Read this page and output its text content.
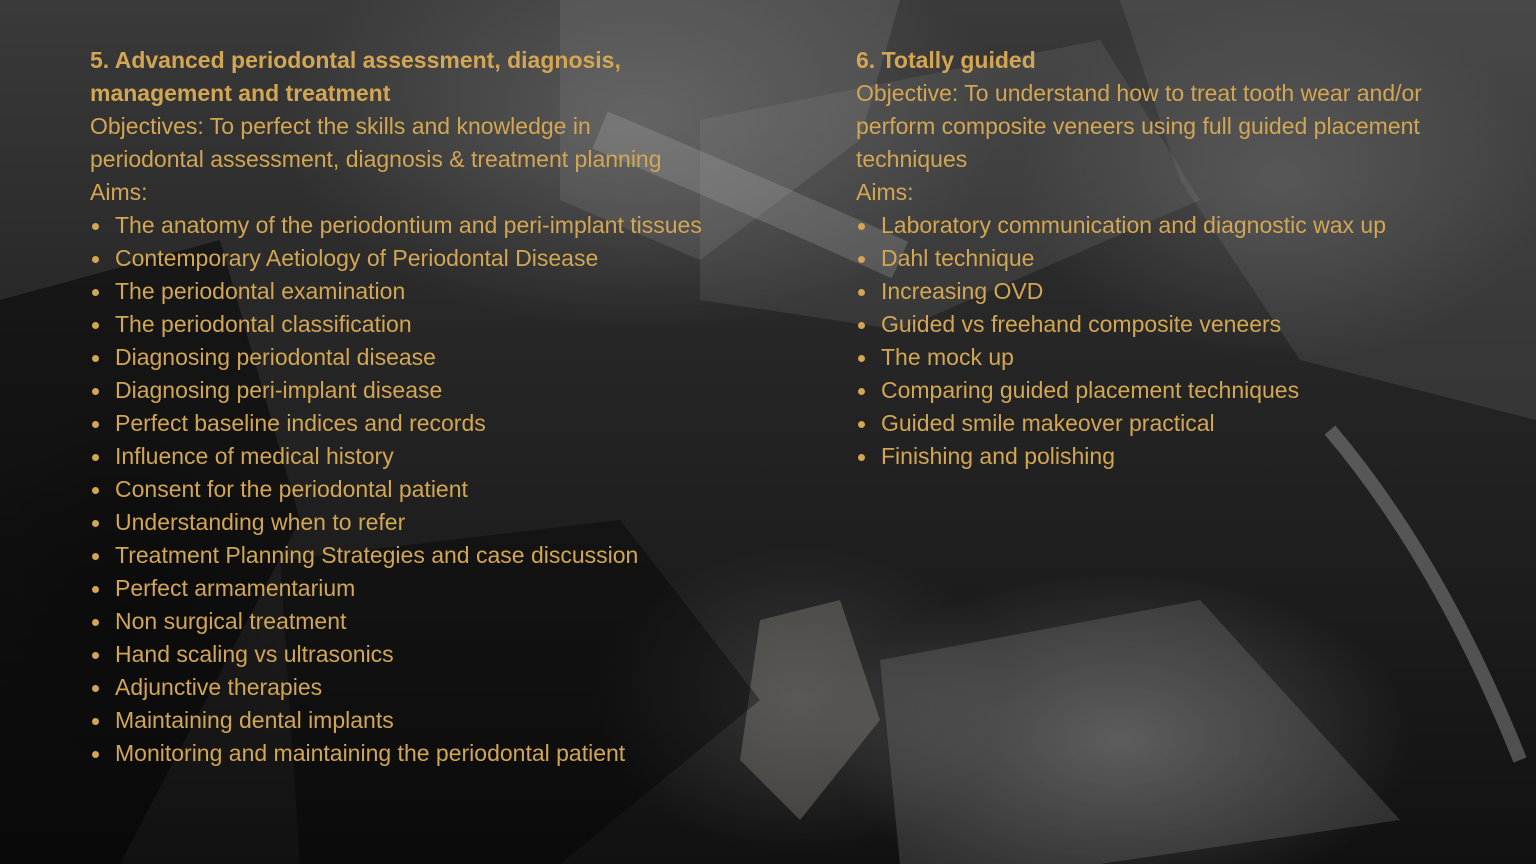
5. Advanced periodontal assessment, diagnosis, management and treatment

Objectives: To perfect the skills and knowledge in periodontal assessment, diagnosis & treatment planning

Aims:

The anatomy of the periodontium and peri-implant tissues
Contemporary Aetiology of Periodontal Disease
The periodontal examination
The periodontal classification
Diagnosing periodontal disease
Diagnosing peri-implant disease
Perfect baseline indices and records
Influence of medical history
Consent for the periodontal patient
Understanding when to refer
Treatment Planning Strategies and case discussion
Perfect armamentarium
Non surgical treatment
Hand scaling vs ultrasonics
Adjunctive therapies
Maintaining dental implants
Monitoring and maintaining the periodontal patient
6. Totally guided

Objective: To understand how to treat tooth wear and/or perform composite veneers using full guided placement techniques

Aims:

Laboratory communication and diagnostic wax up
Dahl technique
Increasing OVD
Guided vs freehand composite veneers
The mock up
Comparing guided placement techniques
Guided smile makeover practical
Finishing and polishing
